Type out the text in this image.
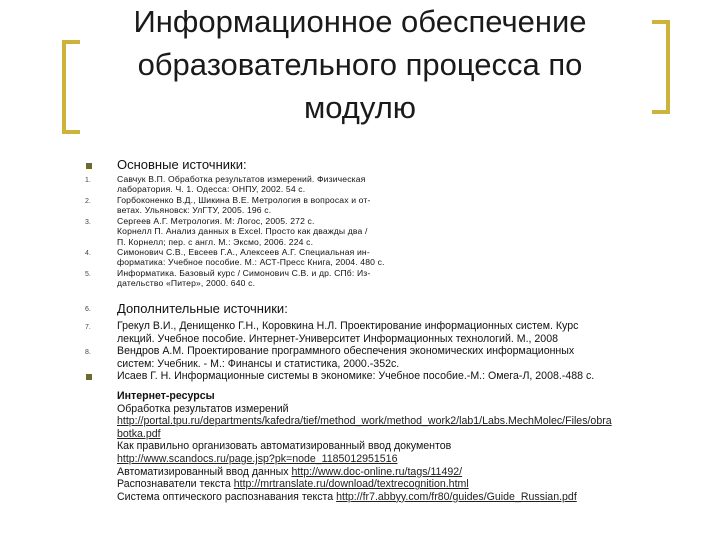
Информационное обеспечение
образовательного процесса по
модулю

Основные источники:

1.	Савчук В.П. Обработка результатов измерений. Физическая
лаборатория. Ч. 1. Одесса: ОНПУ, 2002. 54 с.

2.	Горбоконенко В.Д., Шикина В.Е. Метрология в вопросах и от-
ветах. Ульяновск: УлГТУ, 2005. 196 с.

3.	Сергеев А.Г. Метрология. М: Логос, 2005. 272 с.
Корнелл П. Анализ данных в Excel. Просто как дважды два /
П. Корнелл; пер. с англ. М.: Эксмо, 2006. 224 с.

4.	Симонович С.В., Евсеев Г.А., Алексеев А.Г. Специальная ин-
форматика: Учебное пособие. М.: АСТ-Пресс Книга, 2004. 480 с.

5.	Информатика. Базовый курс / Симонович С.В. и др. СПб: Из-
дательство «Питер», 2000. 640 с.

6. Дополнительные источники:

7. Грекул В.И., Денищенко Г.Н., Коровкина Н.Л. Проектирование информационных систем. Курс
лекций. Учебное пособие. Интернет-Университет Информационных технологий. М., 2008

8. Вендров А.М. Проектирование программного обеспечения экономических информационных
систем: Учебник. - М.: Финансы и статистика, 2000.-352с.

Исаев Г. Н. Информационные системы в экономике: Учебное пособие.-М.: Омега-Л, 2008.-488 с.

Интернет-ресурсы
Обработка результатов измерений
http://portal.tpu.ru/departments/kafedra/tief/method_work/method_work2/lab1/Labs.MechMolec/Files/obra
botka.pdf
Как правильно организовать автоматизированный ввод документов
http://www.scandocs.ru/page.jsp?pk=node_1185012951516
Автоматизированный ввод данных http://www.doc-online.ru/tags/11492/
Распознаватели текста http://mrtranslate.ru/download/textrecognition.html
Система оптического распознавания текста http://fr7.abbyy.com/fr80/guides/Guide_Russian.pdf
